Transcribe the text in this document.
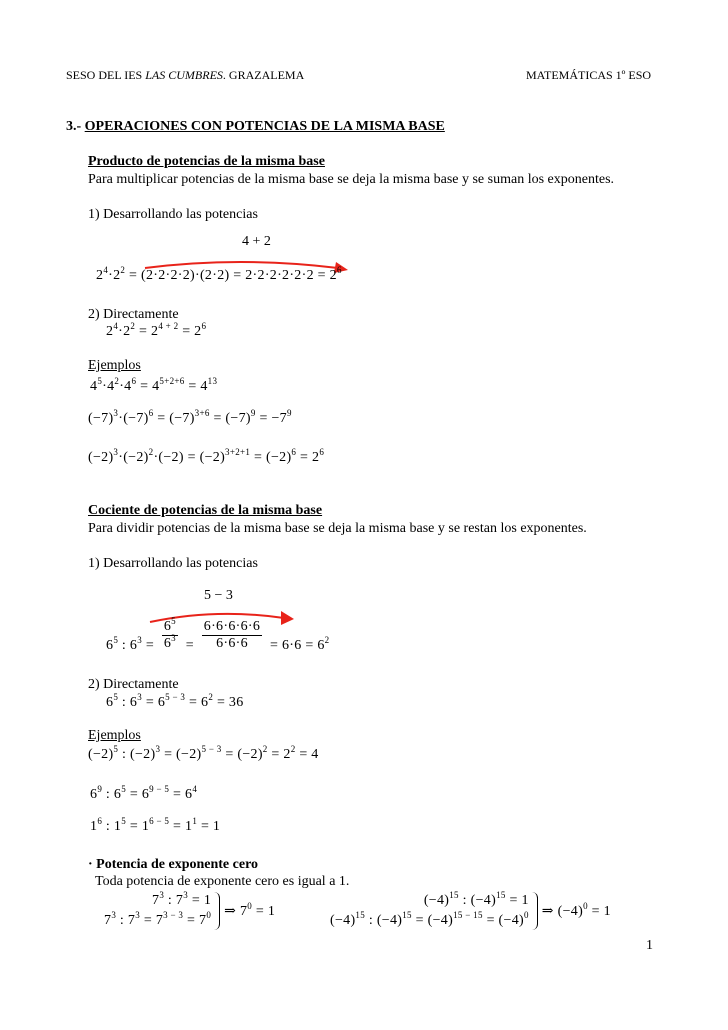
SESO DEL IES LAS CUMBRES. GRAZALEMA	MATEMÁTICAS 1º ESO
3.- OPERACIONES CON POTENCIAS DE LA MISMA BASE
Producto de potencias de la misma base
Para multiplicar potencias de la misma base se deja la misma base y se suman los exponentes.
1) Desarrollando las potencias
4 + 2
$2^4\cdot 2^2 = (2\cdot 2\cdot 2\cdot 2)\cdot(2\cdot 2) = 2\cdot 2\cdot 2\cdot 2\cdot 2\cdot 2 = 2^6$
2) Directamente
$2^4\cdot 2^2 = 2^{4 + 2} = 2^6$
Ejemplos
$4^5\cdot 4^2\cdot 4^6 = 4^{5+2+6} = 4^{13}$
$(-7)^3\cdot(-7)^6 = (-7)^{3+6} = (-7)^9 = -7^9$
$(-2)^3\cdot(-2)^2\cdot(-2) = (-2)^{3+2+1} = (-2)^6 = 2^6$
Cociente de potencias de la misma base
Para dividir potencias de la misma base se deja la misma base y se restan los exponentes.
1) Desarrollando las potencias
5 − 3
$6^5$ : $6^3 = \frac{6^5}{6^3} = \frac{6\cdot 6\cdot 6\cdot 6\cdot 6}{6\cdot 6\cdot 6} = 6\cdot 6 = 6^2$
2) Directamente
$6^5$ : $6^3 = 6^{5 - 3} = 6^2 = 36$
Ejemplos
$(-2)^5$ : $(-2)^3 = (-2)^{5 - 3} = (-2)^2 = 2^2 = 4$
$6^9$ : $6^5 = 6^{9 - 5} = 6^4$
$1^6$ : $1^5 = 1^{6 - 5} = 1^1 = 1$
· Potencia de exponente cero
Toda potencia de exponente cero es igual a 1.
$7^3$ : $7^3 = 1$
$7^3$ : $7^3 = 7^{3 - 3} = 7^0$ ⇒ $7^0 = 1$
$(-4)^{15}$ : $(-4)^{15} = 1$
$(-4)^{15}$ : $(-4)^{15} = (-4)^{15 - 15} = (-4)^0$ ⇒ $(-4)^0 = 1$
1
